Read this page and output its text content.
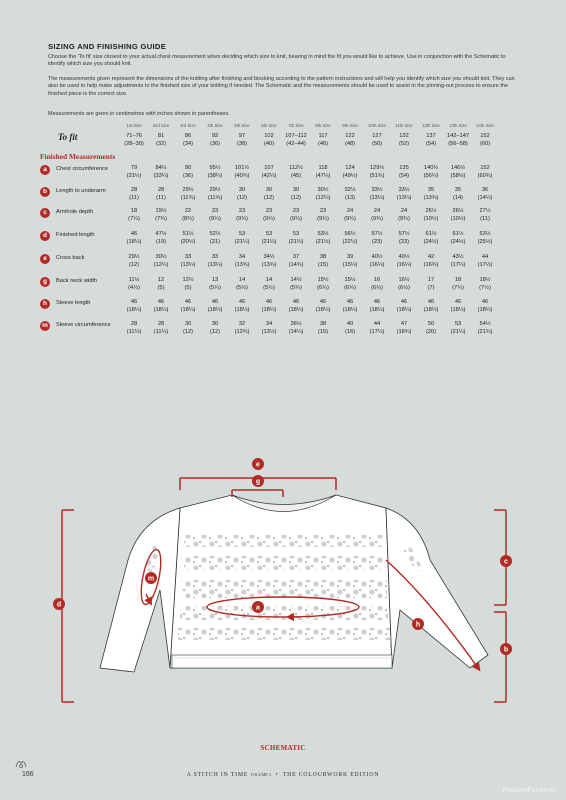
SIZING AND FINISHING GUIDE

Choose the 'To fit' size closest to your actual chest measurement when deciding which size to knit, bearing in mind the fit you would like to achieve. Use in conjunction with the Schematic to identify which size you should knit.

The measurements given represent the dimensions of the knitting after finishing and blocking according to the pattern instructions and will help you identify which size you should knit. They can also be used to help make adjustments to the finished size of your knitting if needed. The Schematic and the measurements should be used to assist in the pinning-out process to ensure the finished piece is the correct size.

Measurements are given in centimetres with inches shown in parentheses.

To fit
Finished Measurements
1st Size	2nd Size	3rd Size	4th Size	5th Size	6th Size	7th Size	8th Size	9th Size	10th Size	11th Size	12th Size	13th Size	14th Size
71–76	81	86	92	97	102	107–112	117	122	127	132	137	142–147	152
(28–30)	(32)	(34)	(36)	(38)	(40)	(42–44)	(46)	(48)	(50)	(52)	(54)	(56–58)	(60)
a	Chest circumference	79	84½	90	95½	101½	107	112½	118	124	129½	135	140½	146½	152
(31½)	(33¼)	(36)	(38¼)	(40¾)	(42¼)	(45)	(47¼)	(49½)	(51¾)	(54)	(56¼)	(58½)	(60¾)
b	Length to underarm	28	28	29½	29½	30	30	30	30½	32½	33½	33½	35	35	36
(11)	(11)	(11¾)	(11¾)	(12)	(12)	(12)	(12¼)	(13)	(13¼)	(13¼)	(13¾)	(14)	(14¼)
c	Armhole depth	18	19½	22	23	23	23	23	23	24	24	24	26½	26½	27½
(7¼)	(7¾)	(8¾)	(9¼)	(9¼)	(9¼)	(9¼)	(9¼)	(9¾)	(9¾)	(9¾)	(10½)	(10½)	(11)
d	Finished length	46	47½	51½	52½	53	53	53	53½	56½	57½	57½	61½	61½	63½
(18¼)	(19)	(20½)	(21)	(21¼)	(21¼)	(21¼)	(21½)	(22½)	(23)	(23)	(24½)	(24½)	(25½)
e	Cross back	29½	30½	33	33	34	34½	37	38	39	40½	40½	42	43½	44
(12)	(12¼)	(13¼)	(13¼)	(13¾)	(13¾)	(14¾)	(15)	(15¼)	(16¼)	(16¼)	(16¾)	(17¼)	(17½)
g	Back neck width	11½	12	12½	13	14	14	14½	15½	15½	16	16½	17	18	18½
(4½)	(5)	(5)	(5¼)	(5½)	(5½)	(5¾)	(6¼)	(6¼)	(6½)	(6½)	(7)	(7¼)	(7½)
h	Sleeve length	46	46	46	46	46	46	46	46	46	46	46	46	46	46
(18¼)	(18¼)	(18¼)	(18¼)	(18¼)	(18¼)	(18¼)	(18¼)	(18¼)	(18¼)	(18¼)	(18¼)	(18¼)	(18¼)
m	Sleeve circumference	28	28	30	30	32	34	36½	38	40	44	47	50	53	54½
(11¼)	(11¼)	(12)	(12)	(12¾)	(13½)	(14¼)	(15)	(16)	(17¼)	(18¾)	(20)	(21¼)	(21¾)
e
g
d
c
b
a
h
m
SCHEMATIC
166	A STITCH IN TIME VOLUME 3  •  THE COLOURWORK EDITION
PassionForum.ru
